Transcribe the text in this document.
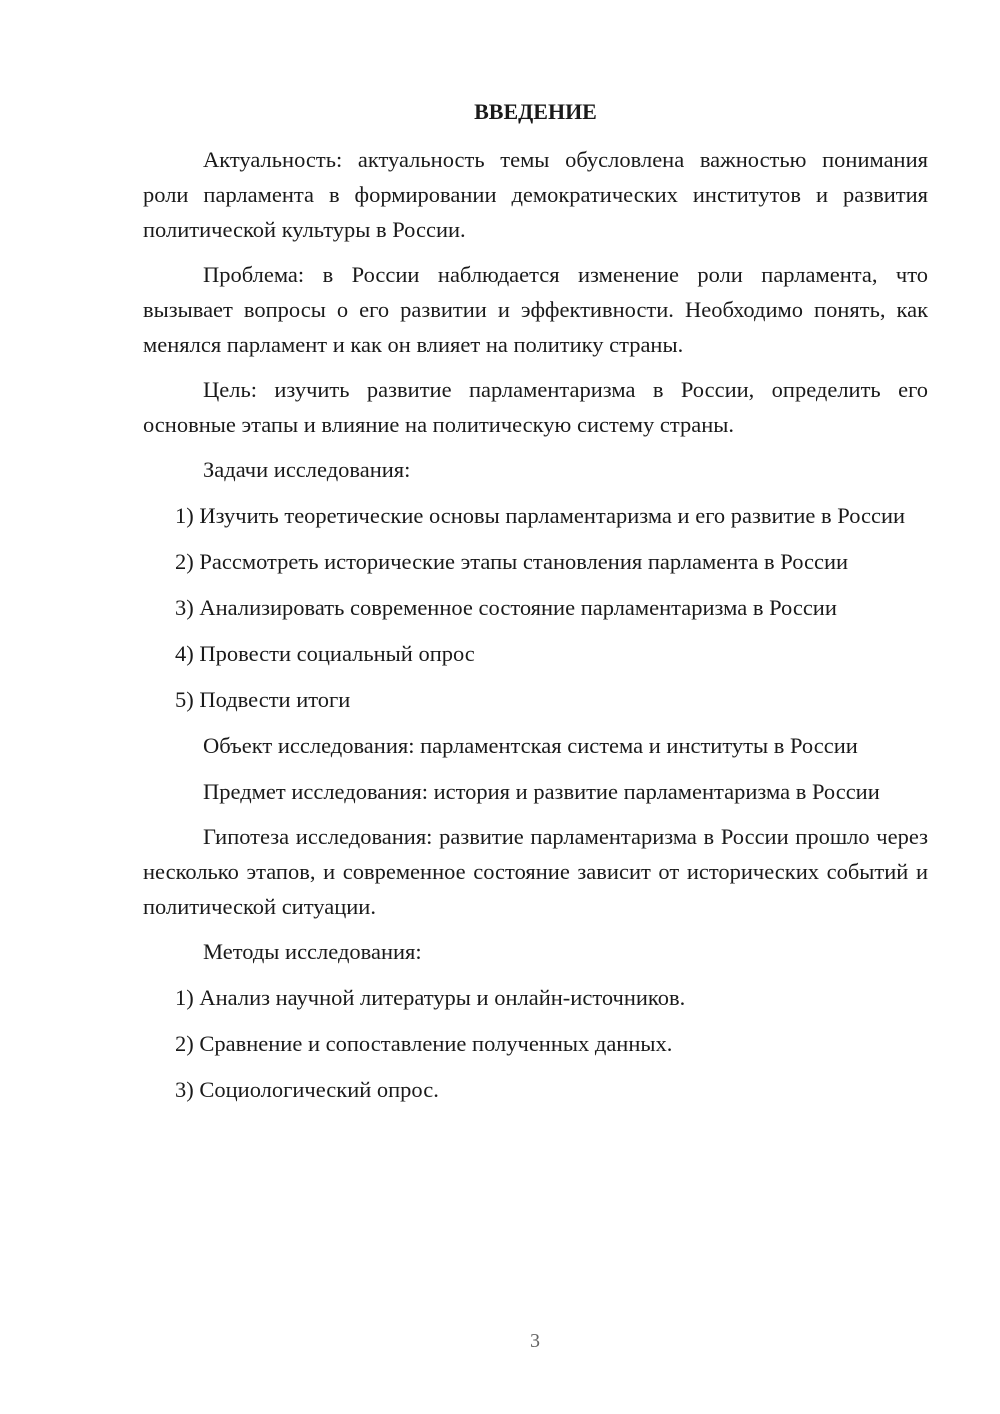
ВВЕДЕНИЕ
Актуальность: актуальность темы обусловлена важностью понимания роли парламента в формировании демократических институтов и развития политической культуры в России.
Проблема: в России наблюдается изменение роли парламента, что вызывает вопросы о его развитии и эффективности. Необходимо понять, как менялся парламент и как он влияет на политику страны.
Цель: изучить развитие парламентаризма в России, определить его основные этапы и влияние на политическую систему страны.
Задачи исследования:
1) Изучить теоретические основы парламентаризма и его развитие в России
2) Рассмотреть исторические этапы становления парламента в России
3) Анализировать современное состояние парламентаризма в России
4) Провести социальный опрос
5) Подвести итоги
Объект исследования: парламентская система и институты в России
Предмет исследования: история и развитие парламентаризма в России
Гипотеза исследования: развитие парламентаризма в России прошло через несколько этапов, и современное состояние зависит от исторических событий и политической ситуации.
Методы исследования:
1) Анализ научной литературы и онлайн-источников.
2) Сравнение и сопоставление полученных данных.
3) Социологический опрос.
3
